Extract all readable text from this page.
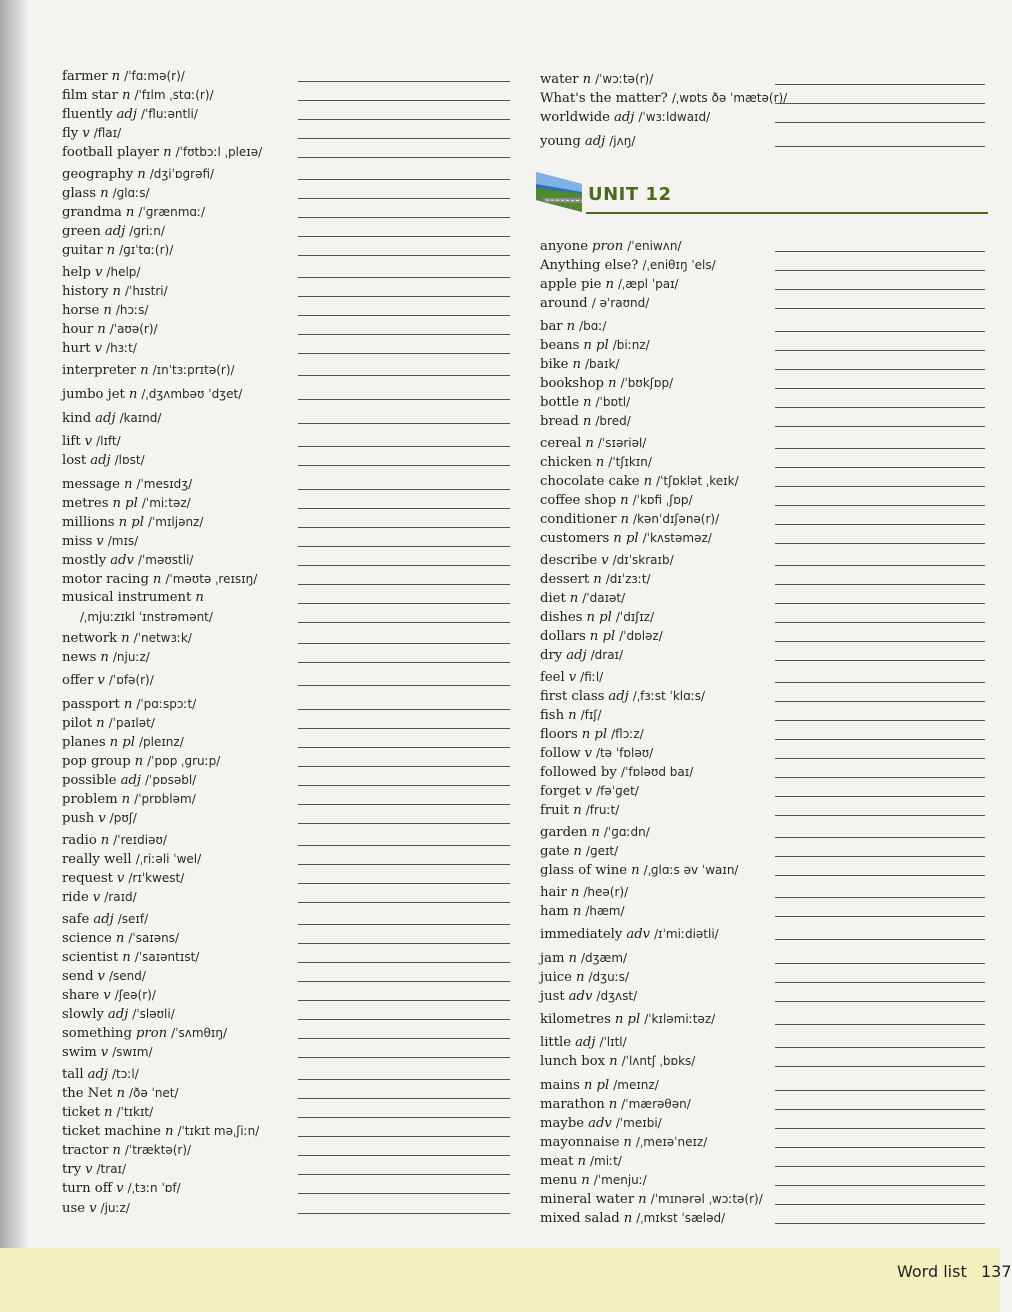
farmer n /ˈfɑːmə(r)/
film star n /ˈfɪlm ˌstɑː(r)/
fluently adj /ˈfluːəntli/
fly v /flaɪ/
football player n /ˈfʊtbɔːl ˌpleɪə/
geography n /dʒiˈɒɡrəfi/
glass n /ɡlɑːs/
grandma n /ˈɡrænmɑː/
green adj /ɡriːn/
guitar n /ɡɪˈtɑː(r)/
help v /help/
history n /ˈhɪstri/
horse n /hɔːs/
hour n /ˈaʊə(r)/
hurt v /hɜːt/
interpreter n /ɪnˈtɜːprɪtə(r)/
jumbo jet n /ˌdʒʌmbəʊ ˈdʒet/
kind adj /kaɪnd/
lift v /lɪft/
lost adj /lɒst/
message n /ˈmesɪdʒ/
metres n pl /ˈmiːtəz/
millions n pl /ˈmɪljənz/
miss v /mɪs/
mostly adv /ˈməʊstli/
motor racing n /ˈməʊtə ˌreɪsɪŋ/
musical instrument n
/ˌmjuːzɪkl ˈɪnstrəmənt/
network n /ˈnetwɜːk/
news n /njuːz/
offer v /ˈɒfə(r)/
passport n /ˈpɑːspɔːt/
pilot n /ˈpaɪlət/
planes n pl /pleɪnz/
pop group n /ˈpɒp ˌɡruːp/
possible adj /ˈpɒsəbl/
problem n /ˈprɒbləm/
push v /pʊʃ/
radio n /ˈreɪdiəʊ/
really well /ˌriːəli ˈwel/
request v /rɪˈkwest/
ride v /raɪd/
safe adj /seɪf/
science n /ˈsaɪəns/
scientist n /ˈsaɪəntɪst/
send v /send/
share v /ʃeə(r)/
slowly adj /ˈsləʊli/
something pron /ˈsʌmθɪŋ/
swim v /swɪm/
tall adj /tɔːl/
the Net n /ðə ˈnet/
ticket n /ˈtɪkɪt/
ticket machine n /ˈtɪkɪt məˌʃiːn/
tractor n /ˈtræktə(r)/
try v /traɪ/
turn off v /ˌtɜːn ˈɒf/
use v /juːz/
water n /ˈwɔːtə(r)/
What's the matter? /ˌwɒts ðə ˈmætə(r)/
worldwide adj /ˈwɜːldwaɪd/
young adj /jʌŋ/
UNIT 12
anyone pron /ˈeniwʌn/
Anything else? /ˌeniθɪŋ ˈels/
apple pie n /ˌæpl ˈpaɪ/
around / əˈraʊnd/
bar n /bɑː/
beans n pl /biːnz/
bike n /baɪk/
bookshop n /ˈbʊkʃɒp/
bottle n /ˈbɒtl/
bread n /bred/
cereal n /ˈsɪəriəl/
chicken n /ˈtʃɪkɪn/
chocolate cake n /ˈtʃɒklət ˌkeɪk/
coffee shop n /ˈkɒfi ˌʃɒp/
conditioner n /kənˈdɪʃənə(r)/
customers n pl /ˈkʌstəməz/
describe v /dɪˈskraɪb/
dessert n /dɪˈzɜːt/
diet n /ˈdaɪət/
dishes n pl /ˈdɪʃɪz/
dollars n pl /ˈdɒləz/
dry adj /draɪ/
feel v /fiːl/
first class adj /ˌfɜːst ˈklɑːs/
fish n /fɪʃ/
floors n pl /flɔːz/
follow v /tə ˈfɒləʊ/
followed by /ˈfɒləʊd baɪ/
forget v /fəˈɡet/
fruit n /fruːt/
garden n /ˈɡɑːdn/
gate n /ɡeɪt/
glass of wine n /ˌɡlɑːs əv ˈwaɪn/
hair n /heə(r)/
ham n /hæm/
immediately adv /ɪˈmiːdiətli/
jam n /dʒæm/
juice n /dʒuːs/
just adv /dʒʌst/
kilometres n pl /ˈkɪləmiːtəz/
little adj /ˈlɪtl/
lunch box n /ˈlʌntʃ ˌbɒks/
mains n pl /meɪnz/
marathon n /ˈmærəθən/
maybe adv /ˈmeɪbi/
mayonnaise n /ˌmeɪəˈneɪz/
meat n /miːt/
menu n /ˈmenjuː/
mineral water n /ˈmɪnərəl ˌwɔːtə(r)/
mixed salad n /ˌmɪkst ˈsæləd/
Word list 137
